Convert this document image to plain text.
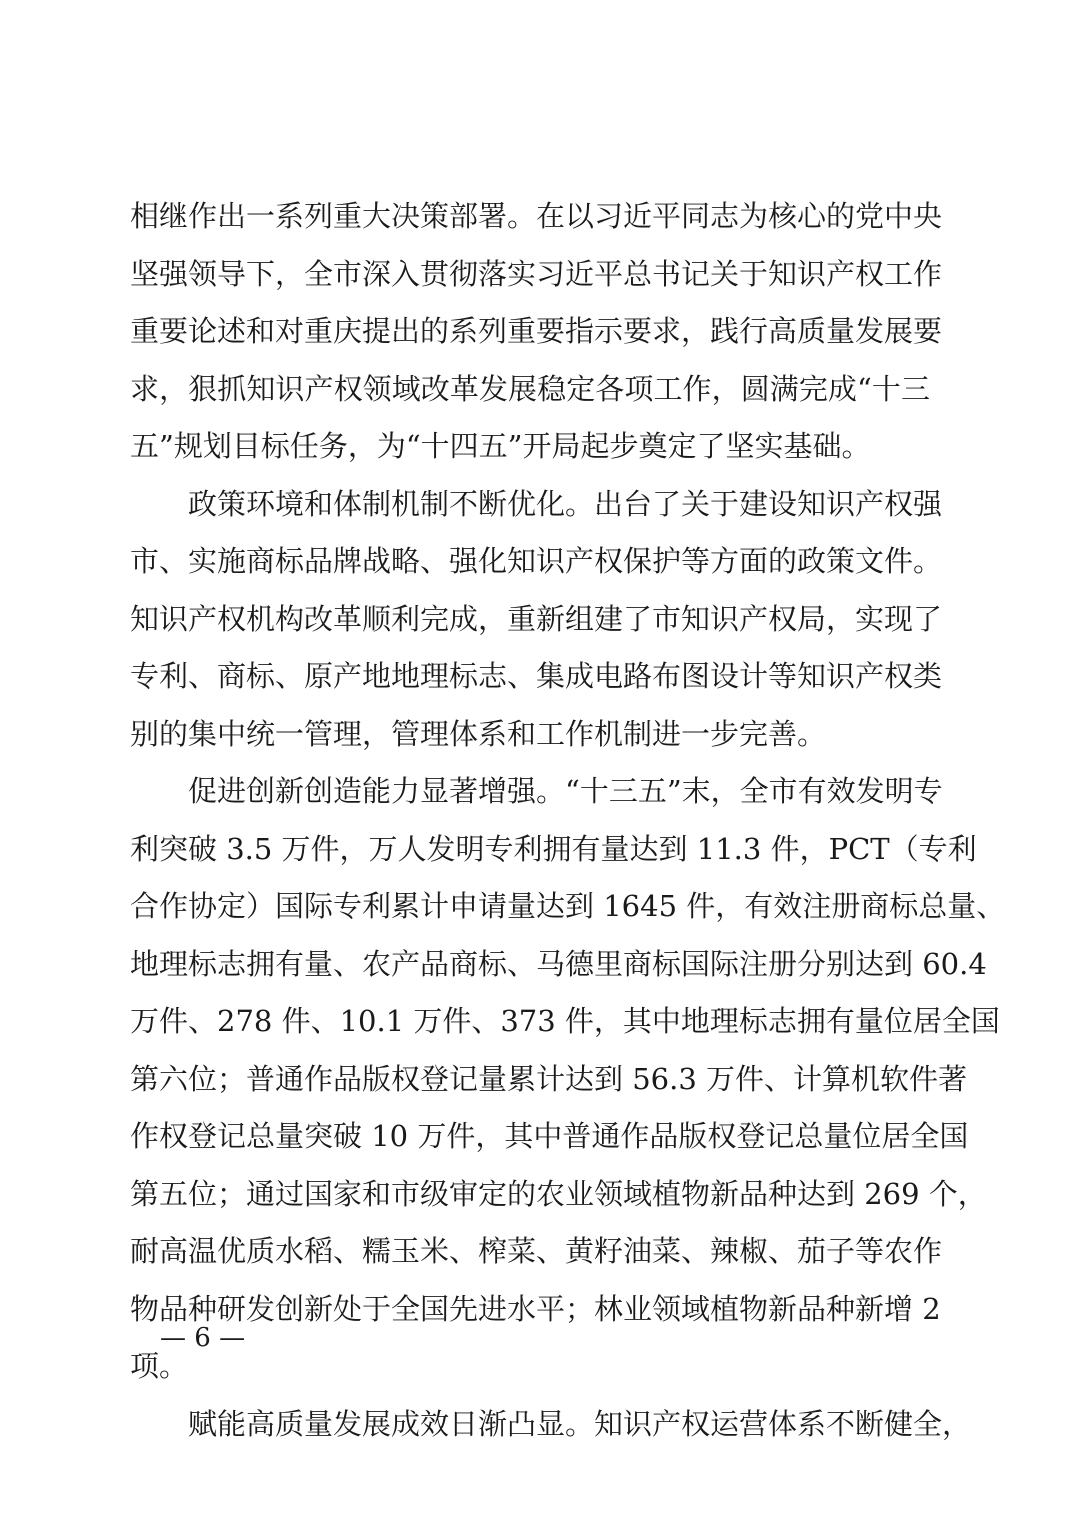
相继作出一系列重大决策部署。在以习近平同志为核心的党中央
坚强领导下，全市深入贯彻落实习近平总书记关于知识产权工作
重要论述和对重庆提出的系列重要指示要求，践行高质量发展要
求，狠抓知识产权领域改革发展稳定各项工作，圆满完成“十三
五”规划目标任务，为“十四五”开局起步奠定了坚实基础。
政策环境和体制机制不断优化。出台了关于建设知识产权强
市、实施商标品牌战略、强化知识产权保护等方面的政策文件。
知识产权机构改革顺利完成，重新组建了市知识产权局，实现了
专利、商标、原产地地理标志、集成电路布图设计等知识产权类
别的集中统一管理，管理体系和工作机制进一步完善。
促进创新创造能力显著增强。“十三五”末，全市有效发明专
利突破 3.5 万件，万人发明专利拥有量达到 11.3 件，PCT（专利
合作协定）国际专利累计申请量达到 1645 件，有效注册商标总量、
地理标志拥有量、农产品商标、马德里商标国际注册分别达到 60.4
万件、278 件、10.1 万件、373 件，其中地理标志拥有量位居全国
第六位；普通作品版权登记量累计达到 56.3 万件、计算机软件著
作权登记总量突破 10 万件，其中普通作品版权登记总量位居全国
第五位；通过国家和市级审定的农业领域植物新品种达到 269 个，
耐高温优质水稻、糯玉米、榨菜、黄籽油菜、辣椒、茄子等农作
物品种研发创新处于全国先进水平；林业领域植物新品种新增 2
项。
赋能高质量发展成效日渐凸显。知识产权运营体系不断健全，
— 6 —
